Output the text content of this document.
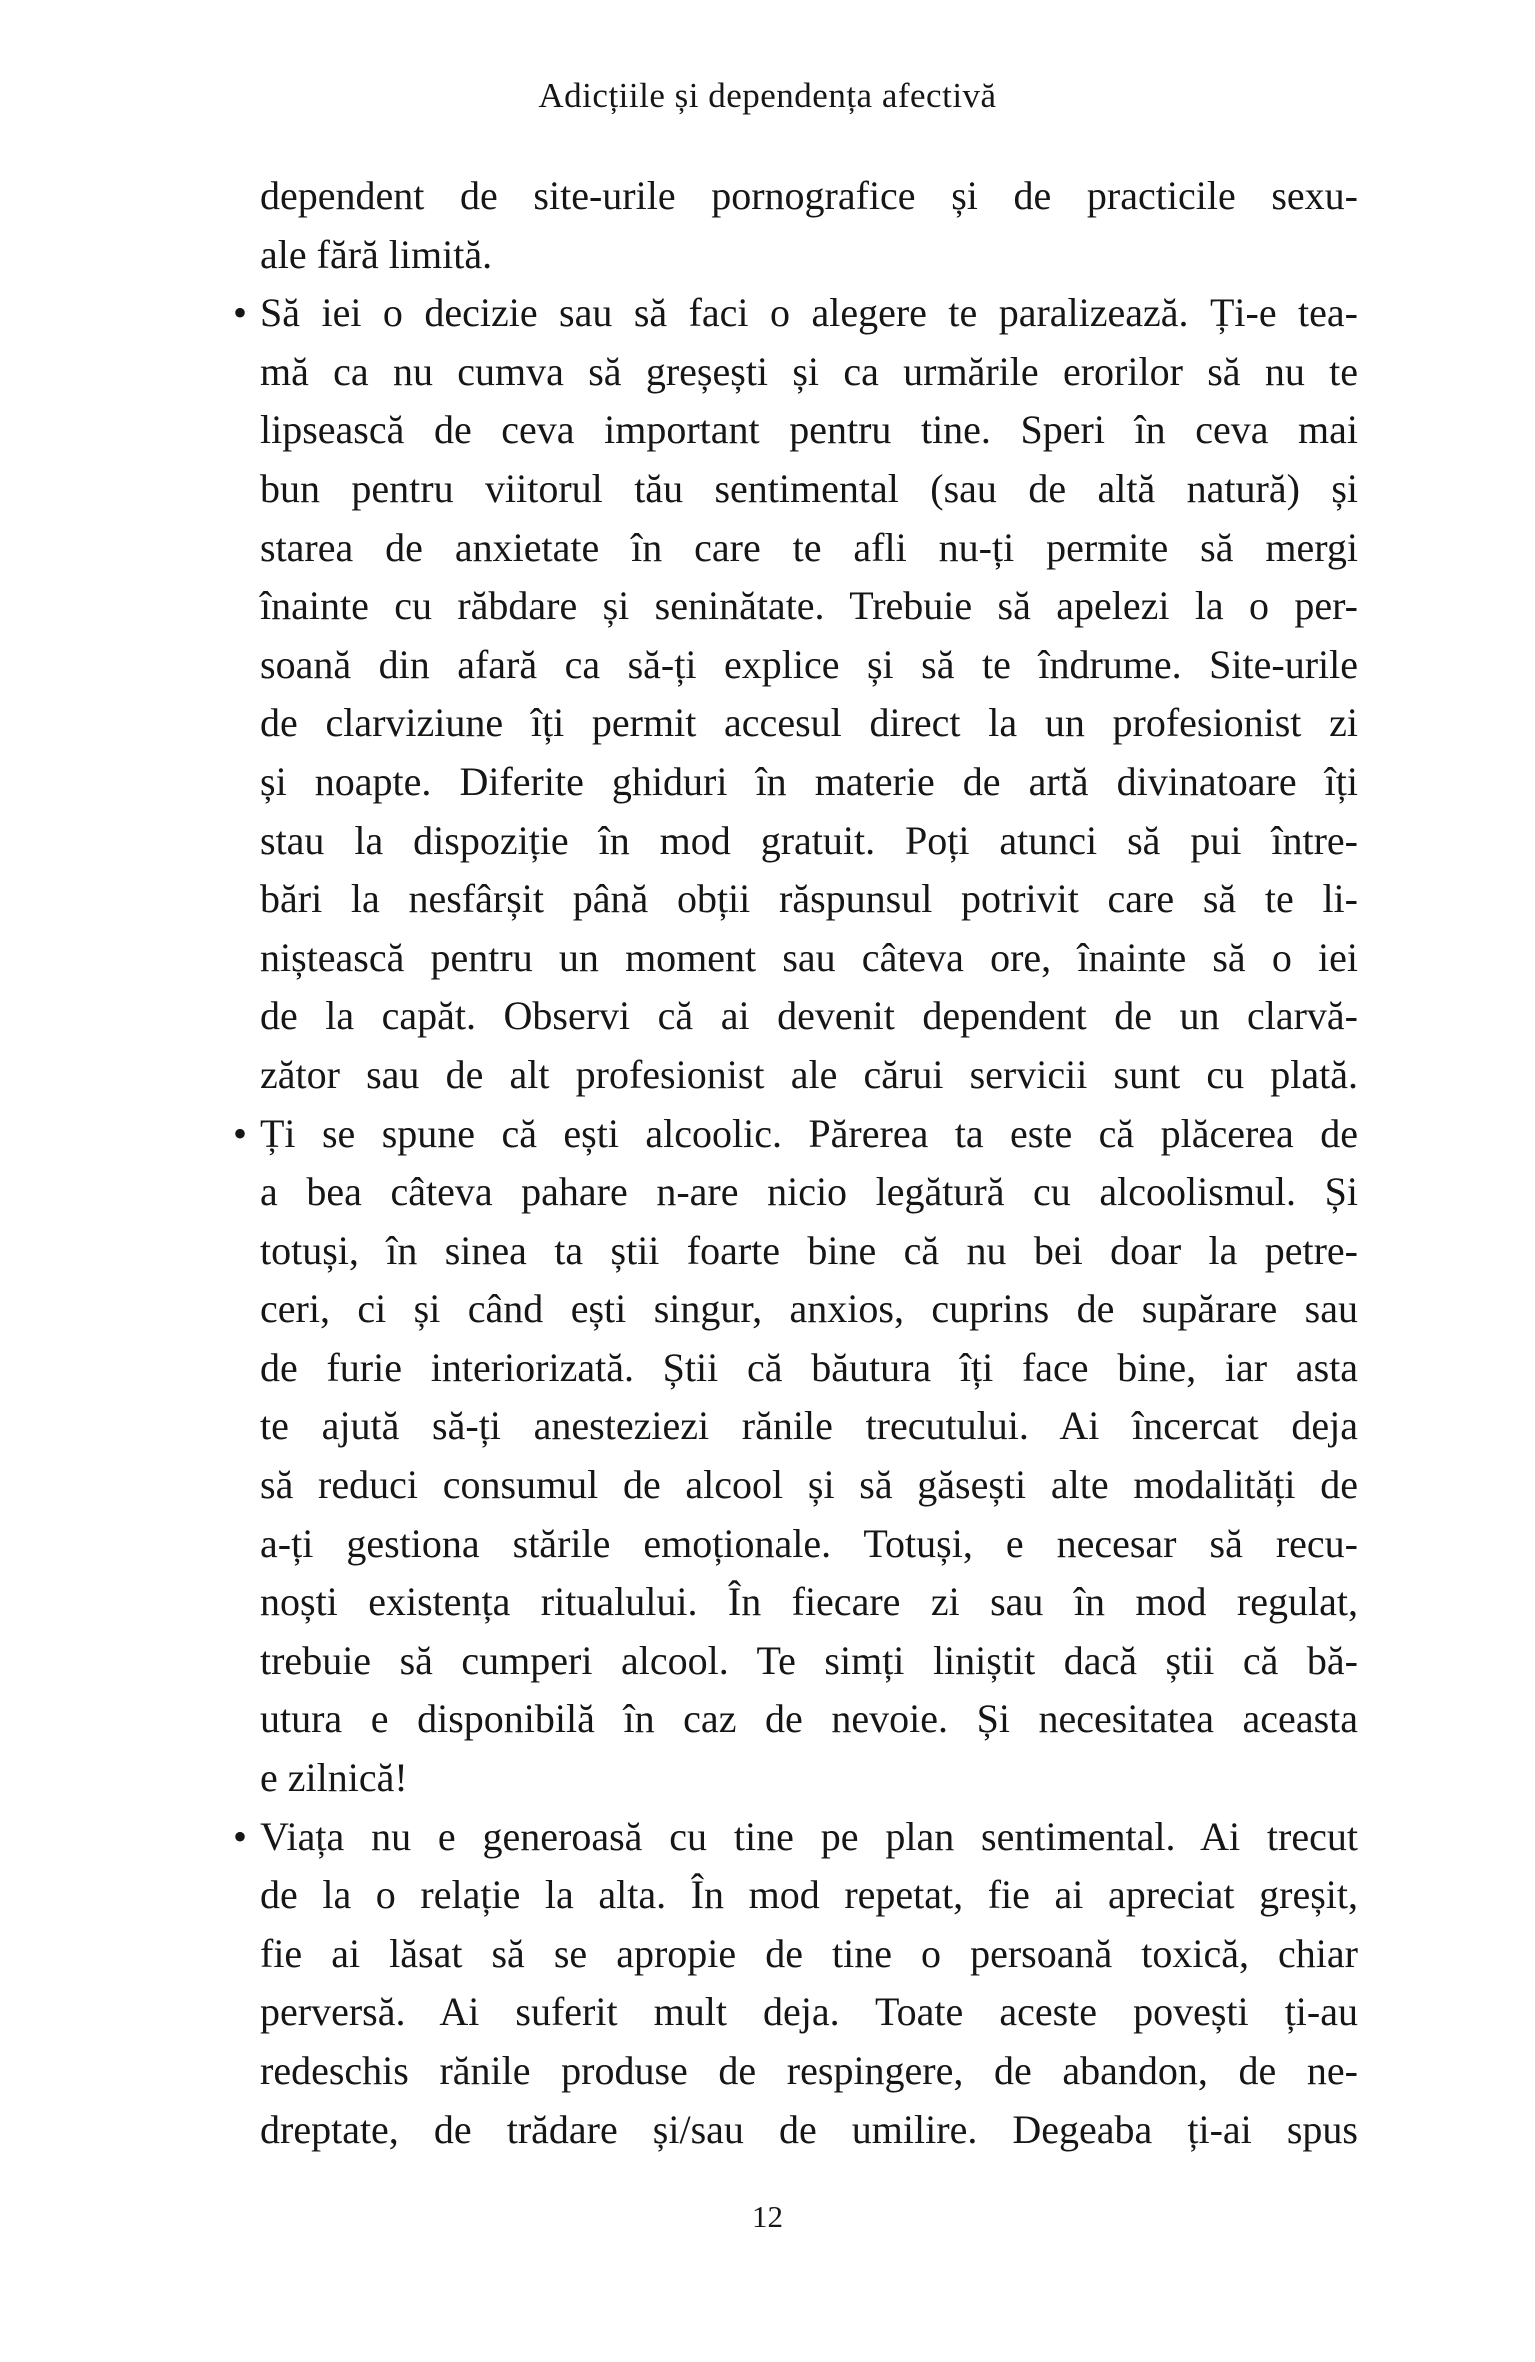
Adicțiile și dependența afectivă
dependent de site-urile pornografice și de practicile sexu-
ale fără limită.
• Să iei o decizie sau să faci o alegere te paralizează. Ți-e tea-
mă ca nu cumva să greșești și ca urmările erorilor să nu te
lipsească de ceva important pentru tine. Speri în ceva mai
bun pentru viitorul tău sentimental (sau de altă natură) și
starea de anxietate în care te afli nu-ți permite să mergi
înainte cu răbdare și seninătate. Trebuie să apelezi la o per-
soană din afară ca să-ți explice și să te îndrume. Site-urile
de clarviziune îți permit accesul direct la un profesionist zi
și noapte. Diferite ghiduri în materie de artă divinatoare îți
stau la dispoziție în mod gratuit. Poți atunci să pui între-
bări la nesfârșit până obții răspunsul potrivit care să te li-
niștească pentru un moment sau câteva ore, înainte să o iei
de la capăt. Observi că ai devenit dependent de un clarvă-
zător sau de alt profesionist ale cărui servicii sunt cu plată.
• Ți se spune că ești alcoolic. Părerea ta este că plăcerea de
a bea câteva pahare n-are nicio legătură cu alcoolismul. Și
totuși, în sinea ta știi foarte bine că nu bei doar la petre-
ceri, ci și când ești singur, anxios, cuprins de supărare sau
de furie interiorizată. Știi că băutura îți face bine, iar asta
te ajută să-ți anesteziezi rănile trecutului. Ai încercat deja
să reduci consumul de alcool și să găsești alte modalități de
a-ți gestiona stările emoționale. Totuși, e necesar să recu-
noști existența ritualului. În fiecare zi sau în mod regulat,
trebuie să cumperi alcool. Te simți liniștit dacă știi că bă-
utura e disponibilă în caz de nevoie. Și necesitatea aceasta
e zilnică!
• Viața nu e generoasă cu tine pe plan sentimental. Ai trecut
de la o relație la alta. În mod repetat, fie ai apreciat greșit,
fie ai lăsat să se apropie de tine o persoană toxică, chiar
perversă. Ai suferit mult deja. Toate aceste povești ți-au
redeschis rănile produse de respingere, de abandon, de ne-
dreptate, de trădare și/sau de umilire. Degeaba ți-ai spus
12
